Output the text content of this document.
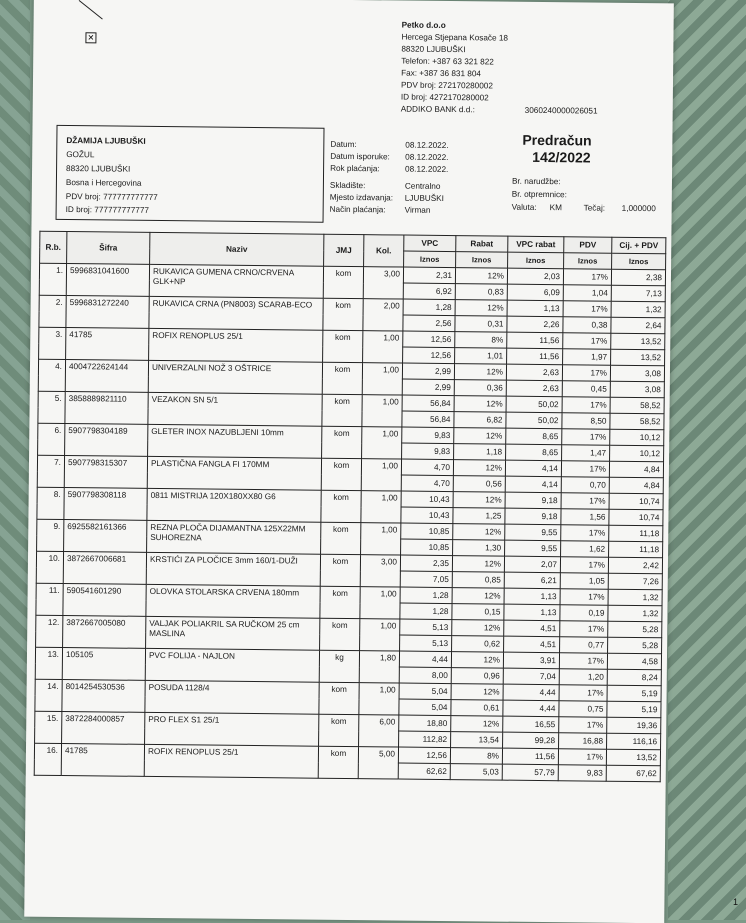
✕
Petko d.o.o
Hercega Stjepana Kosače 18
88320 LJUBUŠKI
Telefon: +387 63 321 822
Fax: +387 36 831 804
PDV broj: 272170280002
ID broj: 4272170280002
ADDIKO BANK d.d.:	3060240000026051
DŽAMIJA LJUBUŠKI
GOŽUL
88320 LJUBUŠKI
Bosna i Hercegovina
PDV broj: 777777777777
ID broj: 777777777777
Datum:	08.12.2022.
Datum isporuke: 08.12.2022.
Rok plaćanja:	08.12.2022.
Skladište:	Centralno
Mjesto izdavanja: LJUBUŠKI
Način plaćanja: Virman
Predračun
142/2022
Br. narudžbe:
Br. otpremnice:
Valuta: KM	Tečaj: 1,000000
R.b.	Šifra	Naziv	JMJ	Kol.	VPC	Rabat	VPC rabat	PDV	Cij. + PDV
					Iznos	Iznos	Iznos	Iznos	Iznos
1.	5996831041600	RUKAVICA GUMENA CRNO/CRVENA GLK+NP	kom	3,00	2,31	12%	2,03	17%	2,38
					6,92	0,83	6,09	1,04	7,13
2.	5996831272240	RUKAVICA CRNA (PN8003) SCARAB-ECO	kom	2,00	1,28	12%	1,13	17%	1,32
					2,56	0,31	2,26	0,38	2,64
3.	41785	ROFIX RENOPLUS 25/1	kom	1,00	12,56	8%	11,56	17%	13,52
					12,56	1,01	11,56	1,97	13,52
4.	4004722624144	UNIVERZALNI NOŽ 3 OŠTRICE	kom	1,00	2,99	12%	2,63	17%	3,08
					2,99	0,36	2,63	0,45	3,08
5.	3858889821110	VEZAKON SN 5/1	kom	1,00	56,84	12%	50,02	17%	58,52
					56,84	6,82	50,02	8,50	58,52
6.	5907798304189	GLETER INOX NAZUBLJENI 10mm	kom	1,00	9,83	12%	8,65	17%	10,12
					9,83	1,18	8,65	1,47	10,12
7.	5907798315307	PLASTIČNA FANGLA FI 170MM	kom	1,00	4,70	12%	4,14	17%	4,84
					4,70	0,56	4,14	0,70	4,84
8.	5907798308118	0811 MISTRIJA 120X180XX80 G6	kom	1,00	10,43	12%	9,18	17%	10,74
					10,43	1,25	9,18	1,56	10,74
9.	6925582161366	REZNA PLOČA DIJAMANTNA 125X22MM SUHOREZNA	kom	1,00	10,85	12%	9,55	17%	11,18
					10,85	1,30	9,55	1,62	11,18
10.	3872667006681	KRSTIĆI ZA PLOČICE 3mm 160/1-DUŽI	kom	3,00	2,35	12%	2,07	17%	2,42
					7,05	0,85	6,21	1,05	7,26
11.	590541601290	OLOVKA STOLARSKA CRVENA 180mm	kom	1,00	1,28	12%	1,13	17%	1,32
					1,28	0,15	1,13	0,19	1,32
12.	3872667005080	VALJAK POLIAKRIL SA RUČKOM 25 cm MASLINA	kom	1,00	5,13	12%	4,51	17%	5,28
					5,13	0,62	4,51	0,77	5,28
13.	105105	PVC FOLIJA - NAJLON	kg	1,80	4,44	12%	3,91	17%	4,58
					8,00	0,96	7,04	1,20	8,24
14.	8014254530536	POSUDA 1128/4	kom	1,00	5,04	12%	4,44	17%	5,19
					5,04	0,61	4,44	0,75	5,19
15.	3872284000857	PRO FLEX S1 25/1	kom	6,00	18,80	12%	16,55	17%	19,36
					112,82	13,54	99,28	16,88	116,16
16.	41785	ROFIX RENOPLUS 25/1	kom	5,00	12,56	8%	11,56	17%	13,52
					62,62	5,03	57,79	9,83	67,62
1
